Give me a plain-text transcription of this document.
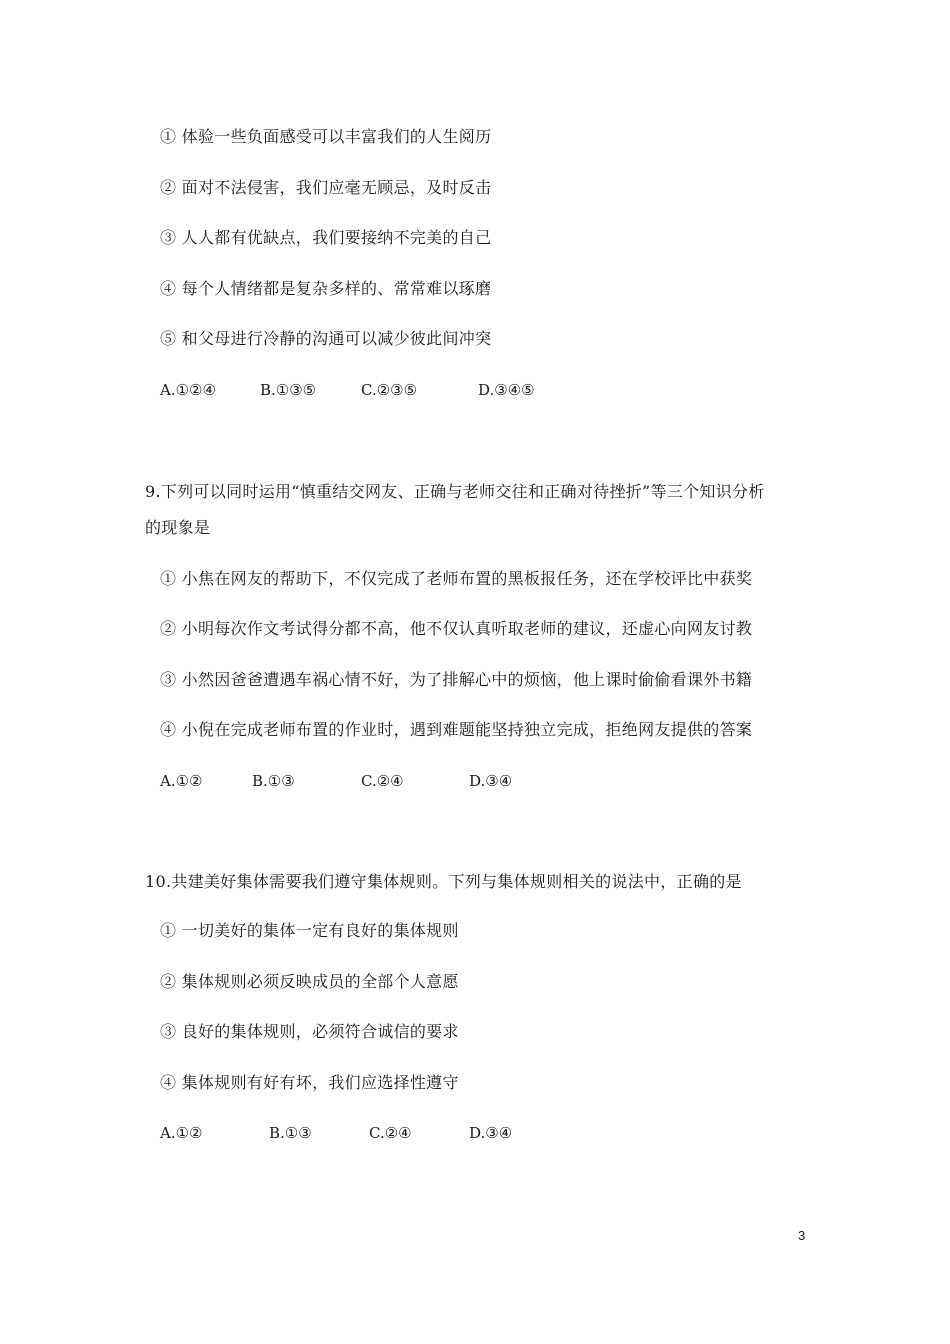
① 体验一些负面感受可以丰富我们的人生阅历
② 面对不法侵害，我们应毫无顾忌，及时反击
③ 人人都有优缺点，我们要接纳不完美的自己
④ 每个人情绪都是复杂多样的、常常难以琢磨
⑤ 和父母进行冷静的沟通可以减少彼此间冲突
A.①②④	B.①③⑤	C.②③⑤	D.③④⑤
9.下列可以同时运用“慎重结交网友、正确与老师交往和正确对待挫折”等三个知识分析
的现象是
① 小焦在网友的帮助下，不仅完成了老师布置的黑板报任务，还在学校评比中获奖
② 小明每次作文考试得分都不高，他不仅认真听取老师的建议，还虚心向网友讨教
③ 小然因爸爸遭遇车祸心情不好，为了排解心中的烦恼，他上课时偷偷看课外书籍
④ 小倪在完成老师布置的作业时，遇到难题能坚持独立完成，拒绝网友提供的答案
A.①②	B.①③	C.②④	D.③④
10.共建美好集体需要我们遵守集体规则。下列与集体规则相关的说法中，正确的是
① 一切美好的集体一定有良好的集体规则
② 集体规则必须反映成员的全部个人意愿
③ 良好的集体规则，必须符合诚信的要求
④ 集体规则有好有坏，我们应选择性遵守
A.①②	B.①③	C.②④	D.③④
3
